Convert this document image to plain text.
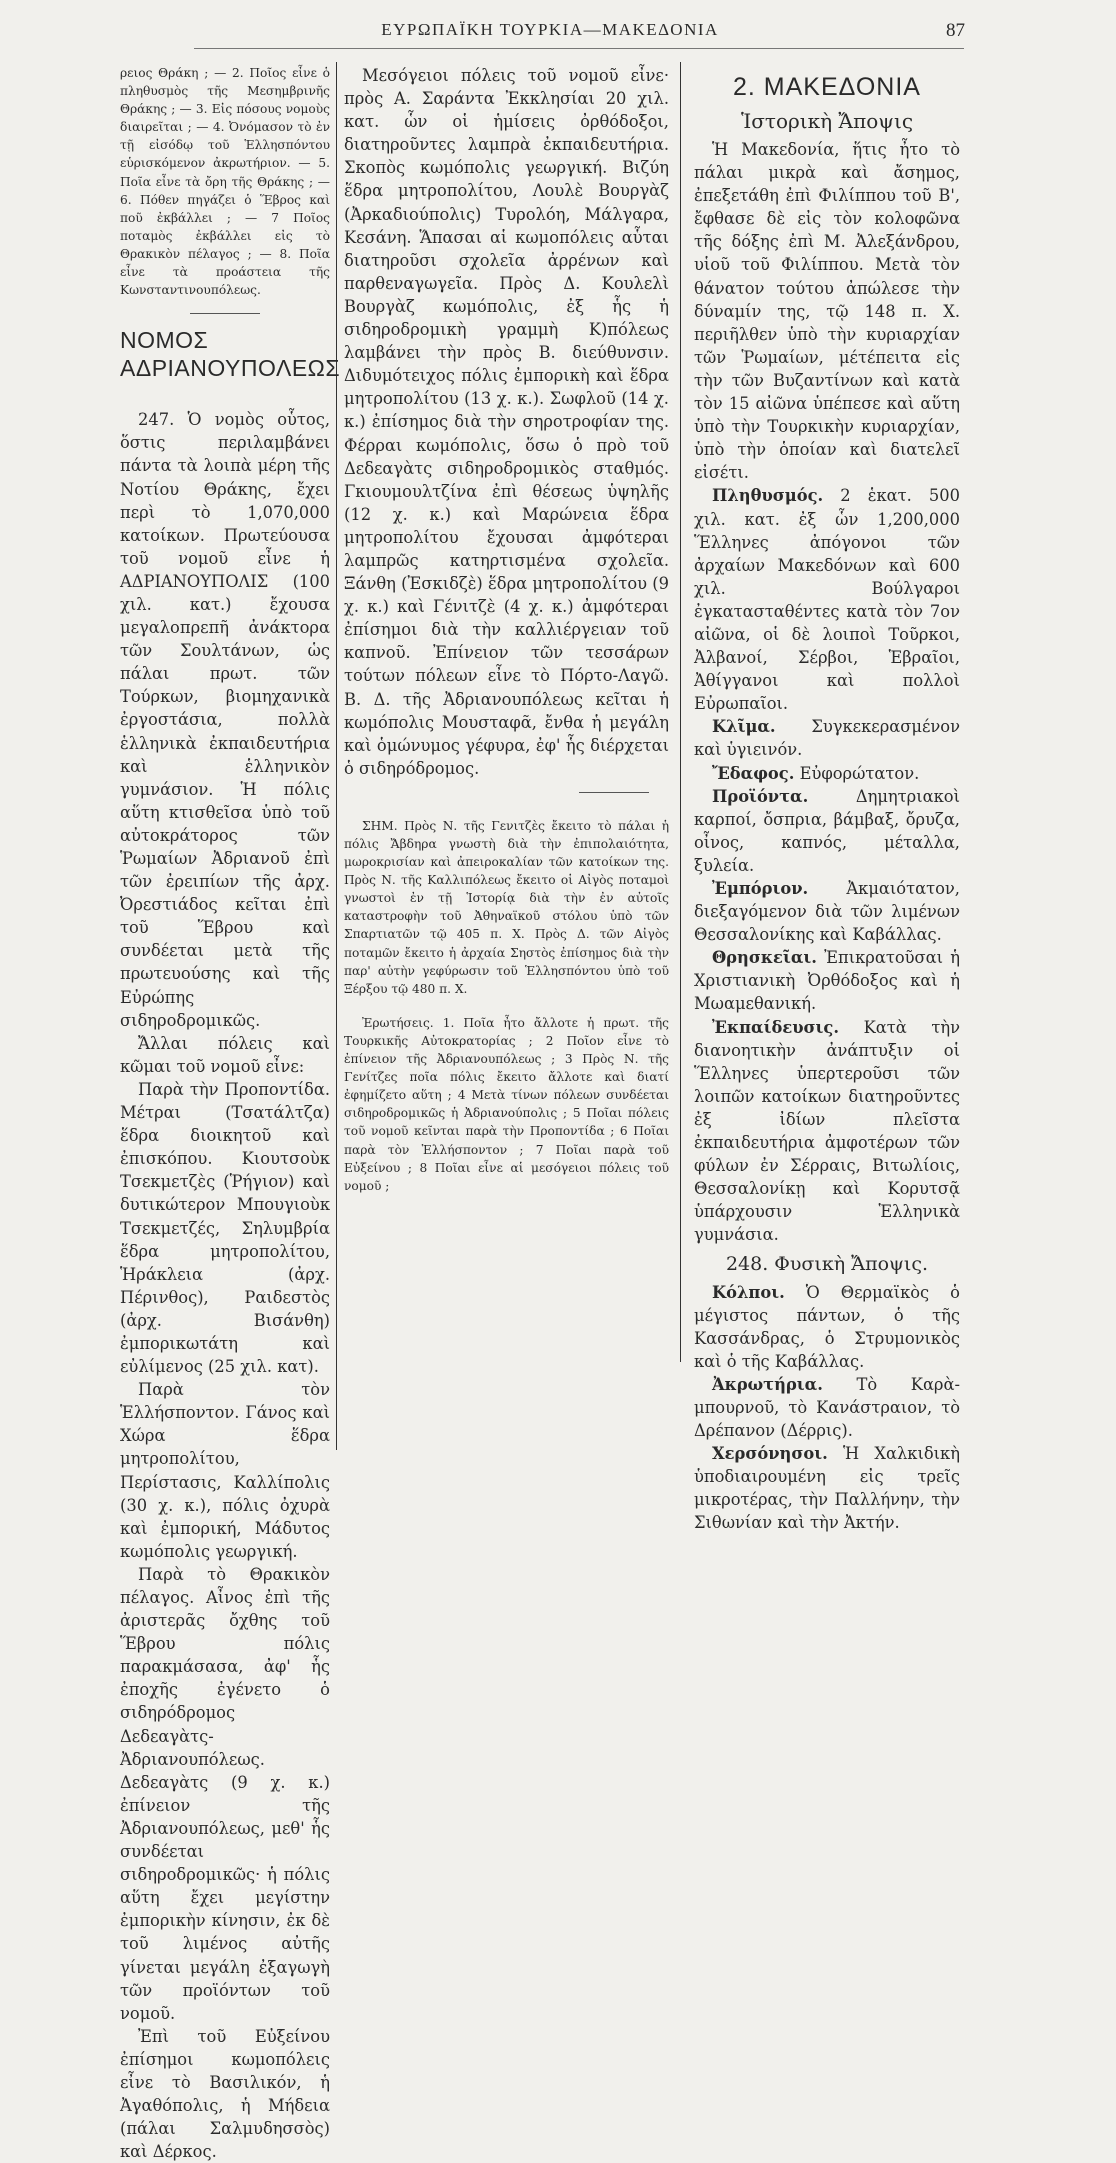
ΕΥΡΩΠΑΪΚΗ ΤΟΥΡΚΙΑ—ΜΑΚΕΔΟΝΙΑ	87

ρειος Θράκη ; — 2. Ποῖος εἶνε ὁ πληθυσμὸς τῆς Μεσημβρινῆς Θράκης ; — 3. Εἰς πόσους νομοὺς διαιρεῖται ; — 4. Ὀνόμασον τὸ ἐν τῇ εἰσόδῳ τοῦ Ἑλλησπόντου εὑρισκόμενον ἀκρωτήριον. — 5. Ποῖα εἶνε τὰ ὄρη τῆς Θράκης ; — 6. Πόθεν πηγάζει ὁ Ἕβρος καὶ ποῦ ἐκβάλλει ; — 7 Ποῖος ποταμὸς ἐκβάλλει εἰς τὸ Θρακικὸν πέλαγος ; — 8. Ποῖα εἶνε τὰ προάστεια τῆς Κωνσταντινουπόλεως.

ΝΟΜΟΣ ΑΔΡΙΑΝΟΥΠΟΛΕΩΣ

247. Ὁ νομὸς οὗτος, ὅστις περιλαμβάνει πάντα τὰ λοιπὰ μέρη τῆς Νοτίου Θράκης, ἔχει περὶ τὸ 1,070,000 κατοίκων. Πρωτεύουσα τοῦ νομοῦ εἶνε ἡ ΑΔΡΙΑΝΟΥΠΟΛΙΣ (100 χιλ. κατ.) ἔχουσα μεγαλοπρεπῆ ἀνάκτορα τῶν Σουλτάνων, ὡς πάλαι πρωτ. τῶν Τούρκων, βιομηχανικὰ ἐργοστάσια, πολλὰ ἑλληνικὰ ἐκπαιδευτήρια καὶ ἑλληνικὸν γυμνάσιον. Ἡ πόλις αὕτη κτισθεῖσα ὑπὸ τοῦ αὐτοκράτορος τῶν Ῥωμαίων Ἀδριανοῦ ἐπὶ τῶν ἐρειπίων τῆς ἀρχ. Ὀρεστιάδος κεῖται ἐπὶ τοῦ Ἕβρου καὶ συνδέεται μετὰ τῆς πρωτευούσης καὶ τῆς Εὐρώπης σιδηροδρομικῶς.

Ἄλλαι πόλεις καὶ κῶμαι τοῦ νομοῦ εἶνε:

Παρὰ τὴν Προποντίδα. Μέτραι (Τσατάλτζα) ἕδρα διοικητοῦ καὶ ἐπισκόπου. Κιουτσοὺκ Τσεκμετζὲς (Ῥήγιον) καὶ δυτικώτερον Μπουγιοὺκ Τσεκμετζές, Σηλυμβρία ἕδρα μητροπολίτου, Ἡράκλεια (ἀρχ. Πέρινθος), Ραιδεστὸς (ἀρχ. Βισάνθη) ἐμπορικωτάτη καὶ εὐλίμενος (25 χιλ. κατ).

Παρὰ τὸν Ἑλλήσποντον. Γάνος καὶ Χώρα ἕδρα μητροπολίτου, Περίστασις, Καλλίπολις (30 χ. κ.), πόλις ὀχυρὰ καὶ ἐμπορική, Μάδυτος κωμόπολις γεωργική.

Παρὰ τὸ Θρακικὸν πέλαγος. Αἶνος ἐπὶ τῆς ἀριστερᾶς ὄχθης τοῦ Ἕβρου πόλις παρακμάσασα, ἀφ' ἧς ἐποχῆς ἐγένετο ὁ σιδηρόδρομος Δεδεαγὰτς-Ἀδριανουπόλεως. Δεδεαγὰτς (9 χ. κ.) ἐπίνειον τῆς Ἀδριανουπόλεως, μεθ' ἧς συνδέεται σιδηροδρομικῶς· ἡ πόλις αὕτη ἔχει μεγίστην ἐμπορικὴν κίνησιν, ἐκ δὲ τοῦ λιμένος αὐτῆς γίνεται μεγάλη ἐξαγωγὴ τῶν προϊόντων τοῦ νομοῦ.

Ἐπὶ τοῦ Εὐξείνου ἐπίσημοι κωμοπόλεις εἶνε τὸ Βασιλικόν, ἡ Ἀγαθόπολις, ἡ Μήδεια (πάλαι Σαλμυδησσὸς) καὶ Δέρκος.

Μεσόγειοι πόλεις τοῦ νομοῦ εἶνε· πρὸς Α. Σαράντα Ἐκκλησίαι 20 χιλ. κατ. ὧν οἱ ἡμίσεις ὀρθόδοξοι, διατηροῦντες λαμπρὰ ἐκπαιδευτήρια. Σκοπὸς κωμόπολις γεωργική. Βιζύη ἕδρα μητροπολίτου, Λουλὲ Βουργὰζ (Ἀρκαδιούπολις) Τυρολόη, Μάλγαρα, Κεσάνη. Ἅπασαι αἱ κωμοπόλεις αὗται διατηροῦσι σχολεῖα ἀρρένων καὶ παρθεναγωγεῖα. Πρὸς Δ. Κουλελὶ Βουργὰζ κωμόπολις, ἐξ ἧς ἡ σιδηροδρομικὴ γραμμὴ Κ)πόλεως λαμβάνει τὴν πρὸς Β. διεύθυνσιν. Διδυμότειχος πόλις ἐμπορικὴ καὶ ἕδρα μητροπολίτου (13 χ. κ.). Σωφλοῦ (14 χ. κ.) ἐπίσημος διὰ τὴν σηροτροφίαν της. Φέρραι κωμόπολις, ὅσω ὁ πρὸ τοῦ Δεδεαγὰτς σιδηροδρομικὸς σταθμός. Γκιουμουλτζίνα ἐπὶ θέσεως ὑψηλῆς (12 χ. κ.) καὶ Μαρώνεια ἕδρα μητροπολίτου ἔχουσαι ἀμφότεραι λαμπρῶς κατηρτισμένα σχολεῖα. Ξάνθη (Ἐσκιδζὲ) ἕδρα μητροπολίτου (9 χ. κ.) καὶ Γένιτζὲ (4 χ. κ.) ἀμφότεραι ἐπίσημοι διὰ τὴν καλλιέργειαν τοῦ καπνοῦ. Ἐπίνειον τῶν τεσσάρων τούτων πόλεων εἶνε τὸ Πόρτο-Λαγῶ. Β. Δ. τῆς Ἀδριανουπόλεως κεῖται ἡ κωμόπολις Μουσταφᾶ, ἔνθα ἡ μεγάλη καὶ ὁμώνυμος γέφυρα, ἐφ' ἧς διέρχεται ὁ σιδηρόδρομος.

ΣΗΜ. Πρὸς Ν. τῆς Γενιτζὲς ἔκειτο τὸ πάλαι ἡ πόλις Ἄβδηρα γνωστὴ διὰ τὴν ἐπιπολαιότητα, μωροκρισίαν καὶ ἀπειροκαλίαν τῶν κατοίκων της. Πρὸς Ν. τῆς Καλλιπόλεως ἔκειτο οἱ Αἰγὸς ποταμοὶ γνωστοὶ ἐν τῇ Ἱστορίᾳ διὰ τὴν ἐν αὐτοῖς καταστροφὴν τοῦ Ἀθηναϊκοῦ στόλου ὑπὸ τῶν Σπαρτιατῶν τῷ 405 π. Χ. Πρὸς Δ. τῶν Αἰγὸς ποταμῶν ἔκειτο ἡ ἀρχαία Σηστὸς ἐπίσημος διὰ τὴν παρ' αὐτὴν γεφύρωσιν τοῦ Ἑλλησπόντου ὑπὸ τοῦ Ξέρξου τῷ 480 π. Χ.

Ἐρωτήσεις. 1. Ποῖα ἦτο ἄλλοτε ἡ πρωτ. τῆς Τουρκικῆς Αὐτοκρατορίας ; 2 Ποῖον εἶνε τὸ ἐπίνειον τῆς Ἀδριανουπόλεως ; 3 Πρὸς Ν. τῆς Γενίτζες ποῖα πόλις ἔκειτο ἄλλοτε καὶ διατί ἐφημίζετο αὕτη ; 4 Μετὰ τίνων πόλεων συνδέεται σιδηροδρομικῶς ἡ Ἀδριανούπολις ; 5 Ποῖαι πόλεις τοῦ νομοῦ κεῖνται παρὰ τὴν Προποντίδα ; 6 Ποῖαι παρὰ τὸν Ἑλλήσποντον ; 7 Ποῖαι παρὰ τοῦ Εὐξείνου ; 8 Ποῖαι εἶνε αἱ μεσόγειοι πόλεις τοῦ νομοῦ ;

2. ΜΑΚΕΔΟΝΙΑ
Ἱστορικὴ Ἄποψις

Ἡ Μακεδονία, ἥτις ἦτο τὸ πάλαι μικρὰ καὶ ἄσημος, ἐπεξετάθη ἐπὶ Φιλίππου τοῦ Β', ἔφθασε δὲ εἰς τὸν κολοφῶνα τῆς δόξης ἐπὶ Μ. Ἀλεξάνδρου, υἱοῦ τοῦ Φιλίππου. Μετὰ τὸν θάνατον τούτου ἀπώλεσε τὴν δύναμίν της, τῷ 148 π. Χ. περιῆλθεν ὑπὸ τὴν κυριαρχίαν τῶν Ῥωμαίων, μέτέπειτα εἰς τὴν τῶν Βυζαντίνων καὶ κατὰ τὸν 15 αἰῶνα ὑπέπεσε καὶ αὕτη ὑπὸ τὴν Τουρκικὴν κυριαρχίαν, ὑπὸ τὴν ὁποίαν καὶ διατελεῖ εἰσέτι.

Πληθυσμός. 2 ἑκατ. 500 χιλ. κατ. ἐξ ὧν 1,200,000 Ἕλληνες ἀπόγονοι τῶν ἀρχαίων Μακεδόνων καὶ 600 χιλ. Βούλγαροι ἐγκατασταθέντες κατὰ τὸν 7ον αἰῶνα, οἱ δὲ λοιποὶ Τοῦρκοι, Ἀλβανοί, Σέρβοι, Ἑβραῖοι, Ἀθίγγανοι καὶ πολλοὶ Εὐρωπαῖοι.

Κλῖμα. Συγκεκερασμένον καὶ ὑγιεινόν.

Ἔδαφος. Εὐφορώτατον.

Προϊόντα.	Δημητριακοὶ καρποί, ὄσπρια, βάμβαξ, ὄρυζα, οἶνος, καπνός, μέταλλα, ξυλεία.

Ἐμπόριον. Ἀκμαιότατον, διεξαγόμενον διὰ τῶν λιμένων Θεσσαλονίκης καὶ Καβάλλας.

Θρησκεῖαι. Ἐπικρατοῦσαι ἡ Χριστιανικὴ Ὀρθόδοξος καὶ ἡ Μωαμεθανική.

Ἐκπαίδευσις. Κατὰ τὴν διανοητικὴν ἀνάπτυξιν οἱ Ἕλληνες ὑπερτεροῦσι τῶν λοιπῶν κατοίκων διατηροῦντες ἐξ ἰδίων πλεῖστα ἐκπαιδευτήρια ἀμφοτέρων τῶν φύλων ἐν Σέρραις, Βιτωλίοις, Θεσσαλονίκῃ καὶ Κορυτσᾷ ὑπάρχουσιν Ἑλληνικὰ γυμνάσια.

248. Φυσικὴ Ἄποψις.

Κόλποι. Ὁ Θερμαϊκὸς ὁ μέγιστος πάντων, ὁ τῆς Κασσάνδρας, ὁ Στρυμονικὸς καὶ ὁ τῆς Καβάλλας.

Ἀκρωτήρια. Τὸ Καρὰ-μπουρνοῦ, τὸ Κανάστραιον, τὸ Δρέπανον (Δέρρις).

Χερσόνησοι. Ἡ Χαλκιδικὴ ὑποδιαιρουμένη εἰς τρεῖς μικροτέρας, τὴν Παλλήνην, τὴν Σιθωνίαν καὶ τὴν Ἀκτήν.
